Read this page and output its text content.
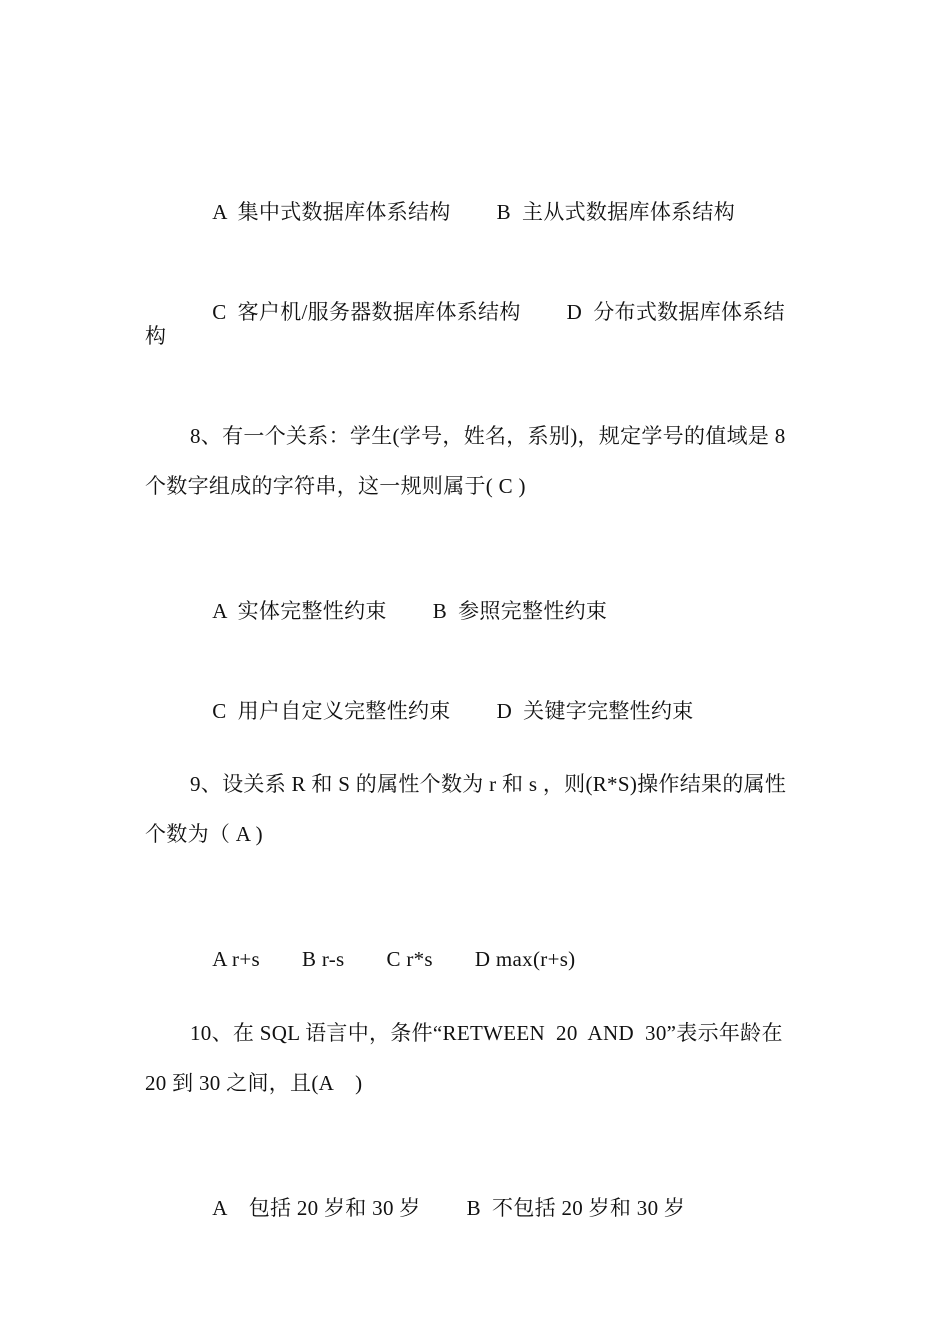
A  集中式数据库体系结构 B  主从式数据库体系结构

C  客户机/服务器数据库体系结构 D  分布式数据库体系结

构
8、有一个关系：学生(学号，姓名，系别)，规定学号的值域是 8
个数字组成的字符串，这一规则属于( C )

A  实体完整性约束 B  参照完整性约束

C  用户自定义完整性约束 D  关键字完整性约束

9、设关系 R 和 S 的属性个数为 r 和 s ，则(R*S)操作结果的属性
个数为（ A )

A r+s B r-s C r*s D max(r+s)

10、在 SQL 语言中，条件“RETWEEN  20  AND  30”表示年龄在
20 到 30 之间，且(A    )

A    包括 20 岁和 30 岁 B  不包括 20 岁和 30 岁
